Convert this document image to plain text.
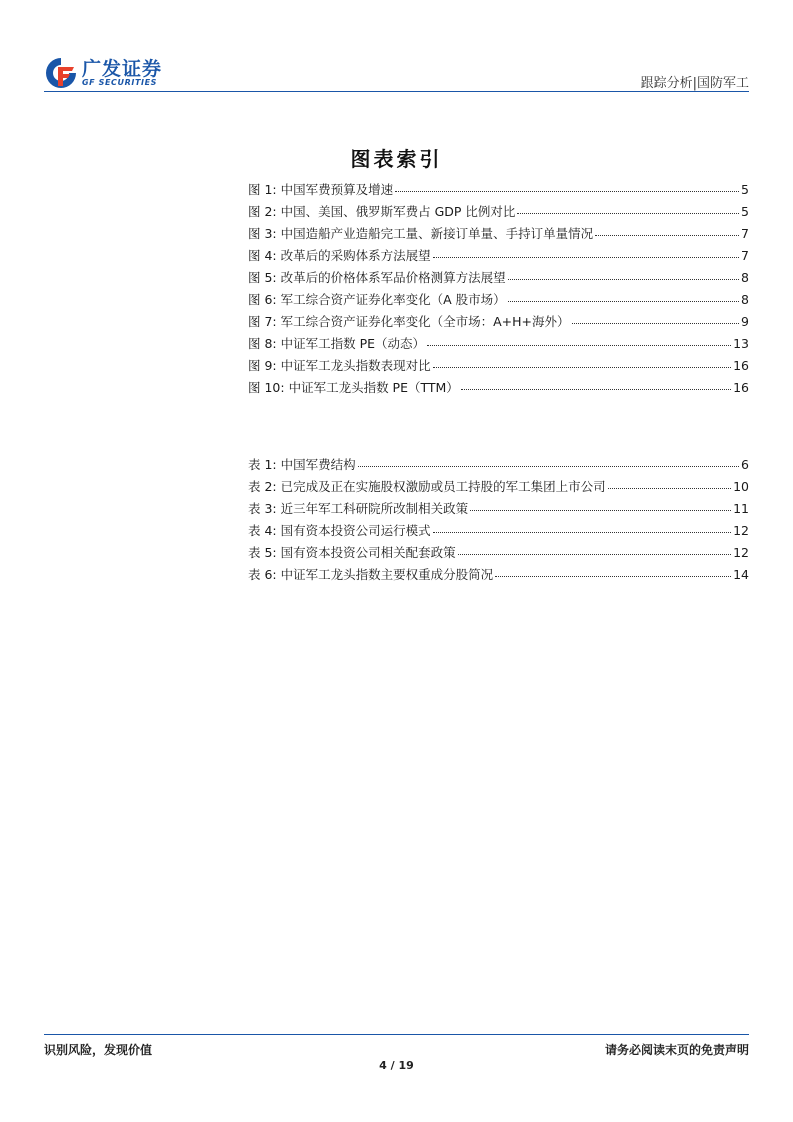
广发证券
GF SECURITIES	跟踪分析|国防军工
图表索引
图 1: 中国军费预算及增速	5
图 2: 中国、美国、俄罗斯军费占 GDP 比例对比	5
图 3: 中国造船产业造船完工量、新接订单量、手持订单量情况	7
图 4: 改革后的采购体系方法展望	7
图 5: 改革后的价格体系军品价格测算方法展望	8
图 6: 军工综合资产证券化率变化（A 股市场）	8
图 7: 军工综合资产证券化率变化（全市场：A+H+海外）	9
图 8: 中证军工指数 PE（动态）	13
图 9: 中证军工龙头指数表现对比	16
图 10: 中证军工龙头指数 PE（TTM）	16
表 1: 中国军费结构	6
表 2: 已完成及正在实施股权激励或员工持股的军工集团上市公司	10
表 3: 近三年军工科研院所改制相关政策	11
表 4: 国有资本投资公司运行模式	12
表 5: 国有资本投资公司相关配套政策	12
表 6: 中证军工龙头指数主要权重成分股简况	14
识别风险，发现价值	请务必阅读末页的免责声明
4 / 19
